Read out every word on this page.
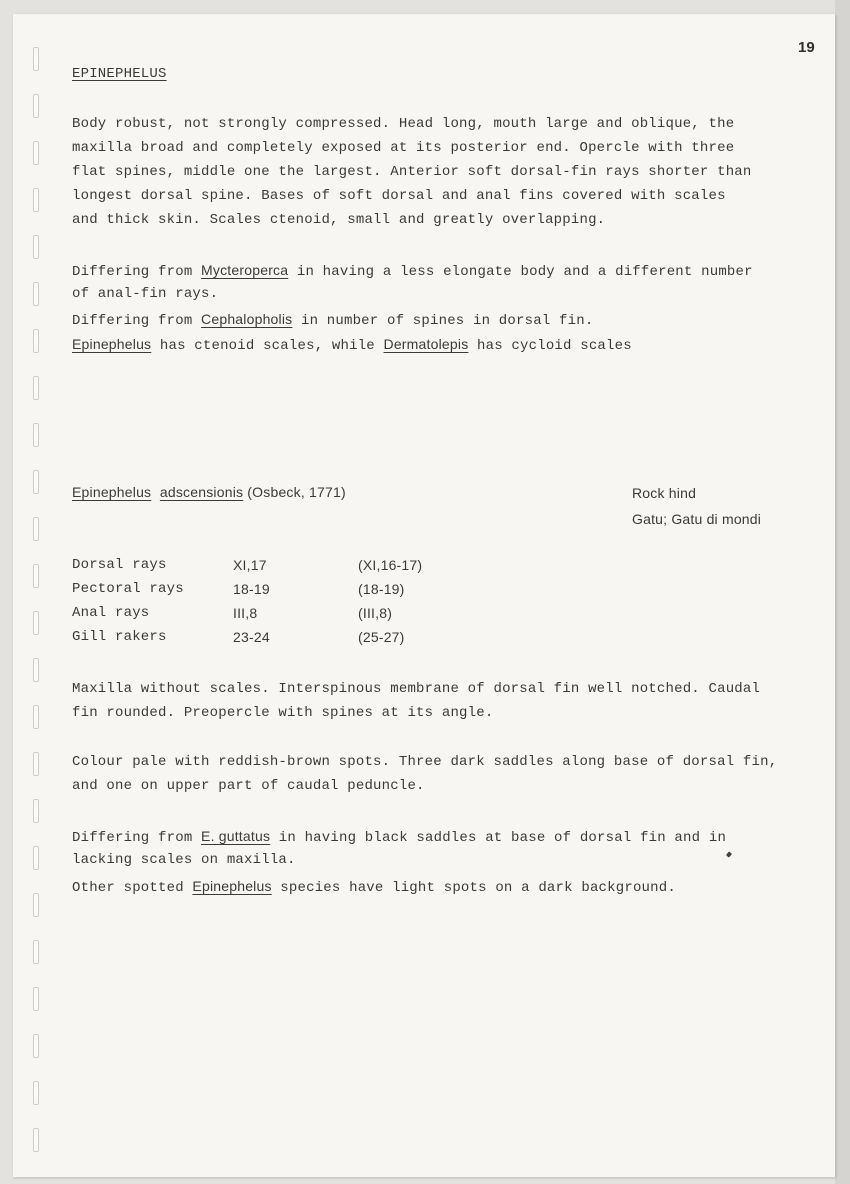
19
EPINEPHELUS
Body robust, not strongly compressed. Head long, mouth large and oblique, the
maxilla broad and completely exposed at its posterior end. Opercle with three
flat spines, middle one the largest. Anterior soft dorsal-fin rays shorter than
longest dorsal spine. Bases of soft dorsal and anal fins covered with scales
and thick skin. Scales ctenoid, small and greatly overlapping.
Differing from Mycteroperca in having a less elongate body and a different number
of anal-fin rays.
Differing from Cephalopholis in number of spines in dorsal fin.
Epinephelus has ctenoid scales, while Dermatolepis has cycloid scales
Epinephelus adscensionis (Osbeck, 1771)	Rock hind
Gatu; Gatu di mondi
Dorsal rays	XI,17	(XI,16-17)
Pectoral rays	18-19	(18-19)
Anal rays	III,8	(III,8)
Gill rakers	23-24	(25-27)
Maxilla without scales. Interspinous membrane of dorsal fin well notched. Caudal
fin rounded. Preopercle with spines at its angle.
Colour pale with reddish-brown spots. Three dark saddles along base of dorsal fin,
and one on upper part of caudal peduncle.
Differing from E. guttatus in having black saddles at base of dorsal fin and in
lacking scales on maxilla.
Other spotted Epinephelus species have light spots on a dark background.
